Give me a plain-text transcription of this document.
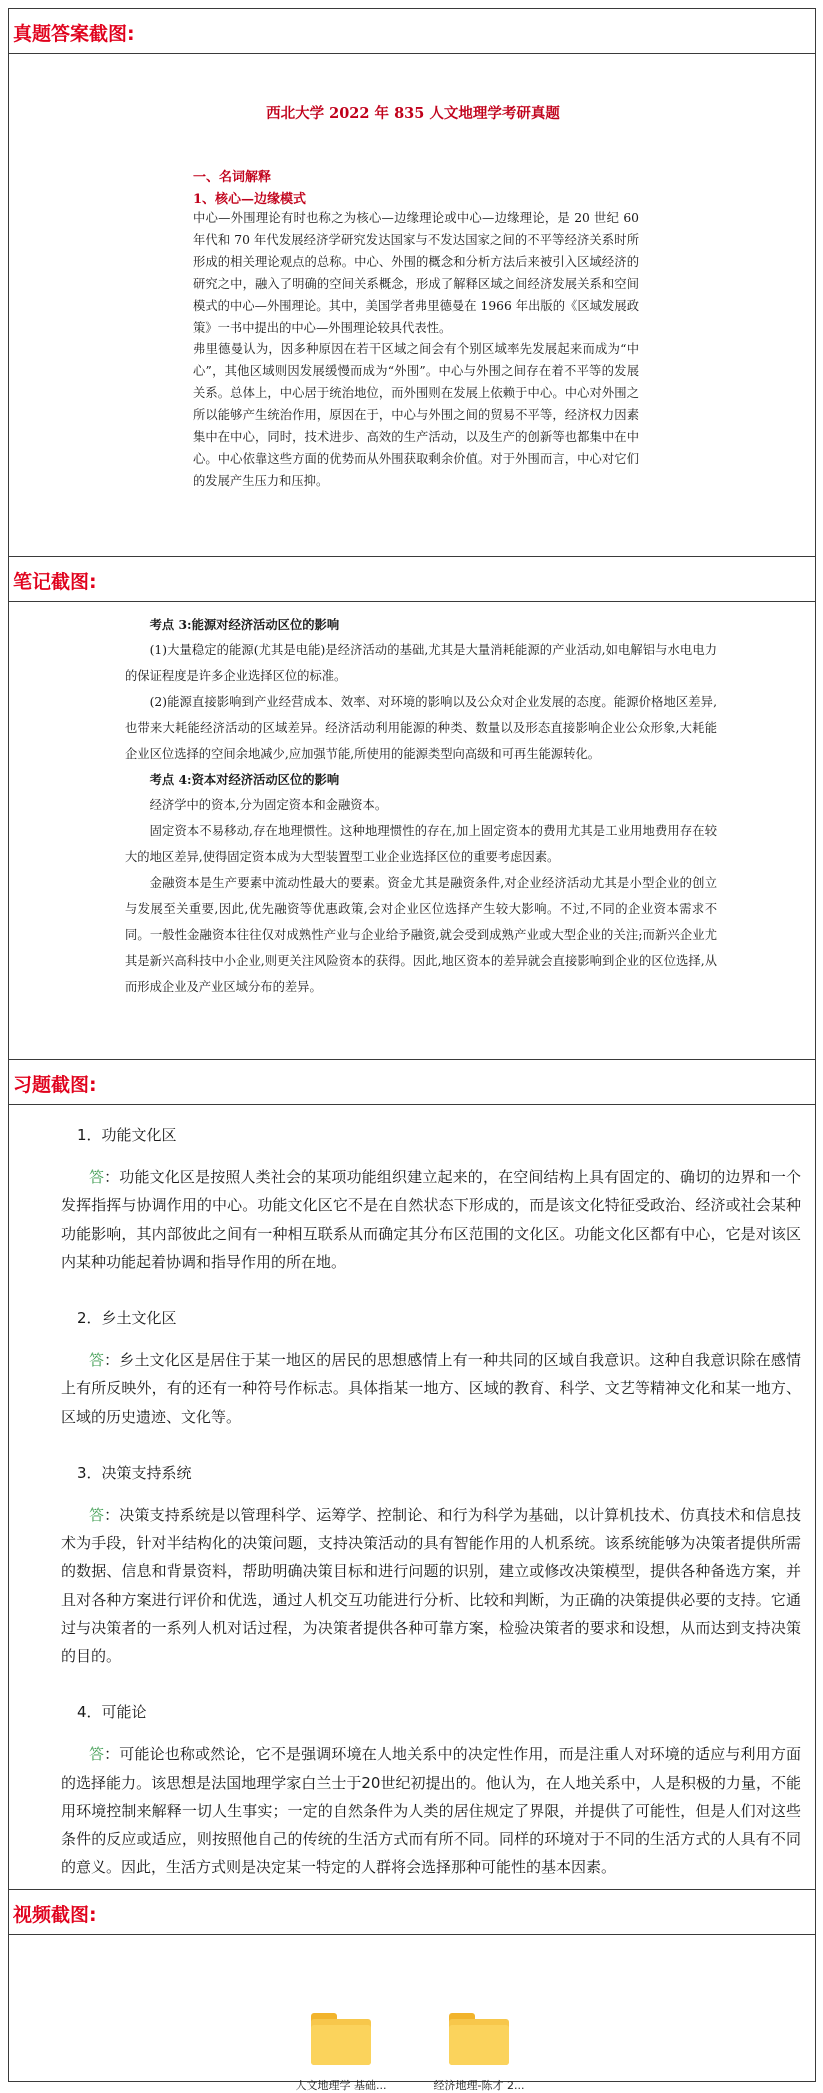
真题答案截图:
西北大学 2022 年 835 人文地理学考研真题
一、名词解释
1、核心—边缘模式

中心—外围理论有时也称之为核心—边缘理论或中心—边缘理论，是 20 世纪 60 年代和 70 年代发展经济学研究发达国家与不发达国家之间的不平等经济关系时所形成的相关理论观点的总称。中心、外围的概念和分析方法后来被引入区域经济的研究之中，融入了明确的空间关系概念，形成了解释区域之间经济发展关系和空间模式的中心—外围理论。其中，美国学者弗里德曼在 1966 年出版的《区域发展政策》一书中提出的中心—外围理论较具代表性。

弗里德曼认为，因多种原因在若干区域之间会有个别区域率先发展起来而成为“中心”，其他区域则因发展缓慢而成为“外围”。中心与外围之间存在着不平等的发展关系。总体上，中心居于统治地位，而外围则在发展上依赖于中心。中心对外围之所以能够产生统治作用，原因在于，中心与外围之间的贸易不平等，经济权力因素集中在中心，同时，技术进步、高效的生产活动，以及生产的创新等也都集中在中心。中心依靠这些方面的优势而从外围获取剩余价值。对于外围而言，中心对它们的发展产生压力和压抑。

笔记截图:

考点 3:能源对经济活动区位的影响

(1)大量稳定的能源(尤其是电能)是经济活动的基础,尤其是大量消耗能源的产业活动,如电解铝与水电电力的保证程度是许多企业选择区位的标准。

(2)能源直接影响到产业经营成本、效率、对环境的影响以及公众对企业发展的态度。能源价格地区差异,也带来大耗能经济活动的区域差异。经济活动利用能源的种类、数量以及形态直接影响企业公众形象,大耗能企业区位选择的空间余地减少,应加强节能,所使用的能源类型向高级和可再生能源转化。

考点 4:资本对经济活动区位的影响

经济学中的资本,分为固定资本和金融资本。

固定资本不易移动,存在地理惯性。这种地理惯性的存在,加上固定资本的费用尤其是工业用地费用存在较大的地区差异,使得固定资本成为大型装置型工业企业选择区位的重要考虑因素。

金融资本是生产要素中流动性最大的要素。资金尤其是融资条件,对企业经济活动尤其是小型企业的创立与发展至关重要,因此,优先融资等优惠政策,会对企业区位选择产生较大影响。不过,不同的企业资本需求不同。一般性金融资本往往仅对成熟性产业与企业给予融资,就会受到成熟产业或大型企业的关注;而新兴企业尤其是新兴高科技中小企业,则更关注风险资本的获得。因此,地区资本的差异就会直接影响到企业的区位选择,从而形成企业及产业区域分布的差异。

习题截图:

1．功能文化区

答：功能文化区是按照人类社会的某项功能组织建立起来的，在空间结构上具有固定的、确切的边界和一个发挥指挥与协调作用的中心。功能文化区它不是在自然状态下形成的，而是该文化特征受政治、经济或社会某种功能影响，其内部彼此之间有一种相互联系从而确定其分布区范围的文化区。功能文化区都有中心，它是对该区内某种功能起着协调和指导作用的所在地。

2．乡土文化区

答：乡土文化区是居住于某一地区的居民的思想感情上有一种共同的区域自我意识。这种自我意识除在感情上有所反映外，有的还有一种符号作标志。具体指某一地方、区域的教育、科学、文艺等精神文化和某一地方、区域的历史遗迹、文化等。

3．决策支持系统

答：决策支持系统是以管理科学、运筹学、控制论、和行为科学为基础，以计算机技术、仿真技术和信息技术为手段，针对半结构化的决策问题，支持决策活动的具有智能作用的人机系统。该系统能够为决策者提供所需的数据、信息和背景资料，帮助明确决策目标和进行问题的识别，建立或修改决策模型，提供各种备选方案，并且对各种方案进行评价和优选，通过人机交互功能进行分析、比较和判断，为正确的决策提供必要的支持。它通过与决策者的一系列人机对话过程，为决策者提供各种可靠方案，检验决策者的要求和设想，从而达到支持决策的目的。

4．可能论

答：可能论也称或然论，它不是强调环境在人地关系中的决定性作用，而是注重人对环境的适应与利用方面的选择能力。该思想是法国地理学家白兰士于20世纪初提出的。他认为，在人地关系中，人是积极的力量，不能用环境控制来解释一切人生事实；一定的自然条件为人类的居住规定了界限，并提供了可能性，但是人们对这些条件的反应或适应，则按照他自己的传统的生活方式而有所不同。同样的环境对于不同的生活方式的人具有不同的意义。因此，生活方式则是决定某一特定的人群将会选择那种可能性的基本因素。

视频截图:
人文地理学 基础...	经济地理-陈才 2...
